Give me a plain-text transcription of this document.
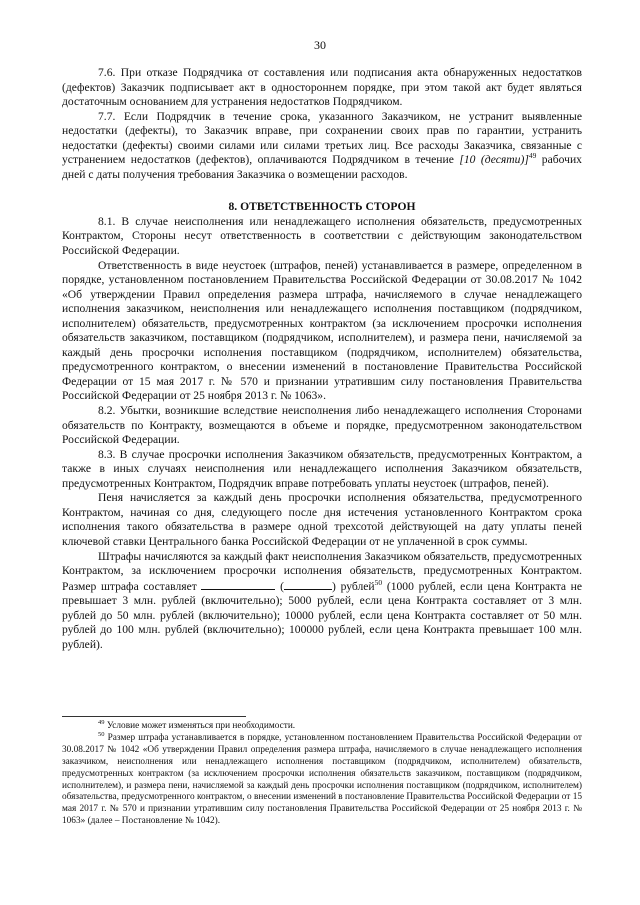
30

7.6. При отказе Подрядчика от составления или подписания акта обнаруженных недостатков (дефектов) Заказчик подписывает акт в одностороннем порядке, при этом такой акт будет являться достаточным основанием для устранения недостатков Подрядчиком.

7.7. Если Подрядчик в течение срока, указанного Заказчиком, не устранит выявленные недостатки (дефекты), то Заказчик вправе, при сохранении своих прав по гарантии, устранить недостатки (дефекты) своими силами или силами третьих лиц. Все расходы Заказчика, связанные с устранением недостатков (дефектов), оплачиваются Подрядчиком в течение [10 (десяти)]$^{49}$ рабочих дней с даты получения требования Заказчика о возмещении расходов.

8. ОТВЕТСТВЕННОСТЬ СТОРОН

8.1. В случае неисполнения или ненадлежащего исполнения обязательств, предусмотренных Контрактом, Стороны несут ответственность в соответствии с действующим законодательством Российской Федерации.

Ответственность в виде неустоек (штрафов, пеней) устанавливается в размере, определенном в порядке, установленном постановлением Правительства Российской Федерации от 30.08.2017 № 1042 «Об утверждении Правил определения размера штрафа, начисляемого в случае ненадлежащего исполнения заказчиком, неисполнения или ненадлежащего исполнения поставщиком (подрядчиком, исполнителем) обязательств, предусмотренных контрактом (за исключением просрочки исполнения обязательств заказчиком, поставщиком (подрядчиком, исполнителем), и размера пени, начисляемой за каждый день просрочки исполнения поставщиком (подрядчиком, исполнителем) обязательства, предусмотренного контрактом, о внесении изменений в постановление Правительства Российской Федерации от 15 мая 2017 г. № 570 и признании утратившим силу постановления Правительства Российской Федерации от 25 ноября 2013 г. № 1063».

8.2. Убытки, возникшие вследствие неисполнения либо ненадлежащего исполнения Сторонами обязательств по Контракту, возмещаются в объеме и порядке, предусмотренном законодательством Российской Федерации.

8.3. В случае просрочки исполнения Заказчиком обязательств, предусмотренных Контрактом, а также в иных случаях неисполнения или ненадлежащего исполнения Заказчиком обязательств, предусмотренных Контрактом, Подрядчик вправе потребовать уплаты неустоек (штрафов, пеней).

Пеня начисляется за каждый день просрочки исполнения обязательства, предусмотренного Контрактом, начиная со дня, следующего после дня истечения установленного Контрактом срока исполнения такого обязательства в размере одной трехсотой действующей на дату уплаты пеней ключевой ставки Центрального банка Российской Федерации от не уплаченной в срок суммы.

Штрафы начисляются за каждый факт неисполнения Заказчиком обязательств, предусмотренных Контрактом, за исключением просрочки исполнения обязательств, предусмотренных Контрактом. Размер штрафа составляет	(	) рублей$^{50}$ (1000 рублей, если цена Контракта не превышает 3 млн. рублей (включительно); 5000 рублей, если цена Контракта составляет от 3 млн. рублей до 50 млн. рублей (включительно); 10000 рублей, если цена Контракта составляет от 50 млн. рублей до 100 млн. рублей (включительно); 100000 рублей, если цена Контракта превышает 100 млн. рублей).

$^{49}$ Условие может изменяться при необходимости.

$^{50}$ Размер штрафа устанавливается в порядке, установленном постановлением Правительства Российской Федерации от 30.08.2017 № 1042 «Об утверждении Правил определения размера штрафа, начисляемого в случае ненадлежащего исполнения заказчиком, неисполнения или ненадлежащего исполнения поставщиком (подрядчиком, исполнителем) обязательств, предусмотренных контрактом (за исключением просрочки исполнения обязательств заказчиком, поставщиком (подрядчиком, исполнителем), и размера пени, начисляемой за каждый день просрочки исполнения поставщиком (подрядчиком, исполнителем) обязательства, предусмотренного контрактом, о внесении изменений в постановление Правительства Российской Федерации от 15 мая 2017 г. № 570 и признании утратившим силу постановления Правительства Российской Федерации от 25 ноября 2013 г. № 1063» (далее – Постановление № 1042).
